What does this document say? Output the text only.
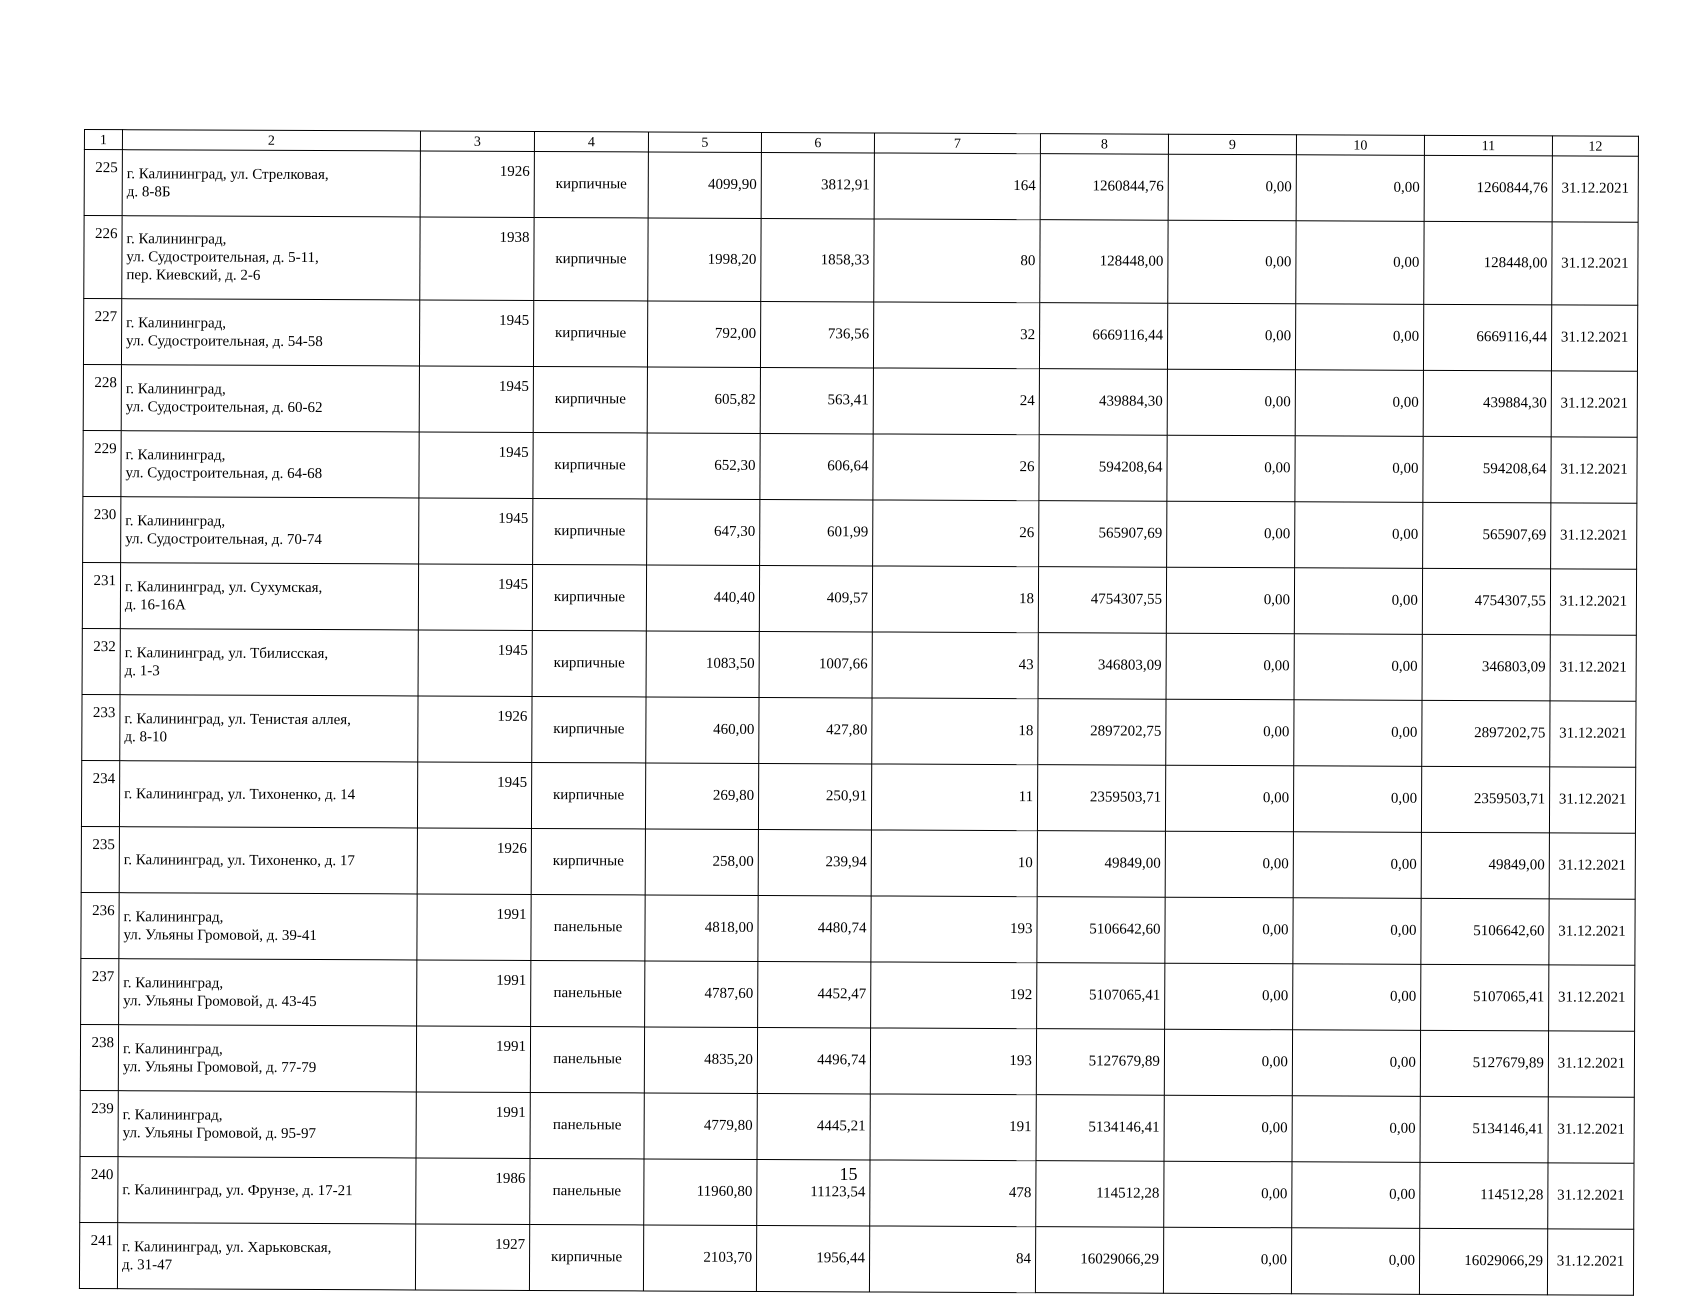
1	2	3	4	5	6	7	8	9	10	11	12
225	г. Калининград, ул. Стрелковая,
д. 8-8Б	1926	кирпичные	4099,90	3812,91	164	1260844,76	0,00	0,00	1260844,76	31.12.2021
226	г. Калининград,
ул. Судостроительная, д. 5-11,
пер. Киевский, д. 2-6	1938	кирпичные	1998,20	1858,33	80	128448,00	0,00	0,00	128448,00	31.12.2021
227	г. Калининград,
ул. Судостроительная, д. 54-58	1945	кирпичные	792,00	736,56	32	6669116,44	0,00	0,00	6669116,44	31.12.2021
228	г. Калининград,
ул. Судостроительная, д. 60-62	1945	кирпичные	605,82	563,41	24	439884,30	0,00	0,00	439884,30	31.12.2021
229	г. Калининград,
ул. Судостроительная, д. 64-68	1945	кирпичные	652,30	606,64	26	594208,64	0,00	0,00	594208,64	31.12.2021
230	г. Калининград,
ул. Судостроительная, д. 70-74	1945	кирпичные	647,30	601,99	26	565907,69	0,00	0,00	565907,69	31.12.2021
231	г. Калининград, ул. Сухумская,
д. 16-16А	1945	кирпичные	440,40	409,57	18	4754307,55	0,00	0,00	4754307,55	31.12.2021
232	г. Калининград, ул. Тбилисская,
д. 1-3	1945	кирпичные	1083,50	1007,66	43	346803,09	0,00	0,00	346803,09	31.12.2021
233	г. Калининград, ул. Тенистая аллея,
д. 8-10	1926	кирпичные	460,00	427,80	18	2897202,75	0,00	0,00	2897202,75	31.12.2021
234	г. Калининград, ул. Тихоненко, д. 14	1945	кирпичные	269,80	250,91	11	2359503,71	0,00	0,00	2359503,71	31.12.2021
235	г. Калининград, ул. Тихоненко, д. 17	1926	кирпичные	258,00	239,94	10	49849,00	0,00	0,00	49849,00	31.12.2021
236	г. Калининград,
ул. Ульяны Громовой, д. 39-41	1991	панельные	4818,00	4480,74	193	5106642,60	0,00	0,00	5106642,60	31.12.2021
237	г. Калининград,
ул. Ульяны Громовой, д. 43-45	1991	панельные	4787,60	4452,47	192	5107065,41	0,00	0,00	5107065,41	31.12.2021
238	г. Калининград,
ул. Ульяны Громовой, д. 77-79	1991	панельные	4835,20	4496,74	193	5127679,89	0,00	0,00	5127679,89	31.12.2021
239	г. Калининград,
ул. Ульяны Громовой, д. 95-97	1991	панельные	4779,80	4445,21	191	5134146,41	0,00	0,00	5134146,41	31.12.2021
240	г. Калининград, ул. Фрунзе, д. 17-21	1986	панельные	11960,80	11123,54	478	114512,28	0,00	0,00	114512,28	31.12.2021
241	г. Калининград, ул. Харьковская,
д. 31-47	1927	кирпичные	2103,70	1956,44	84	16029066,29	0,00	0,00	16029066,29	31.12.2021
15
